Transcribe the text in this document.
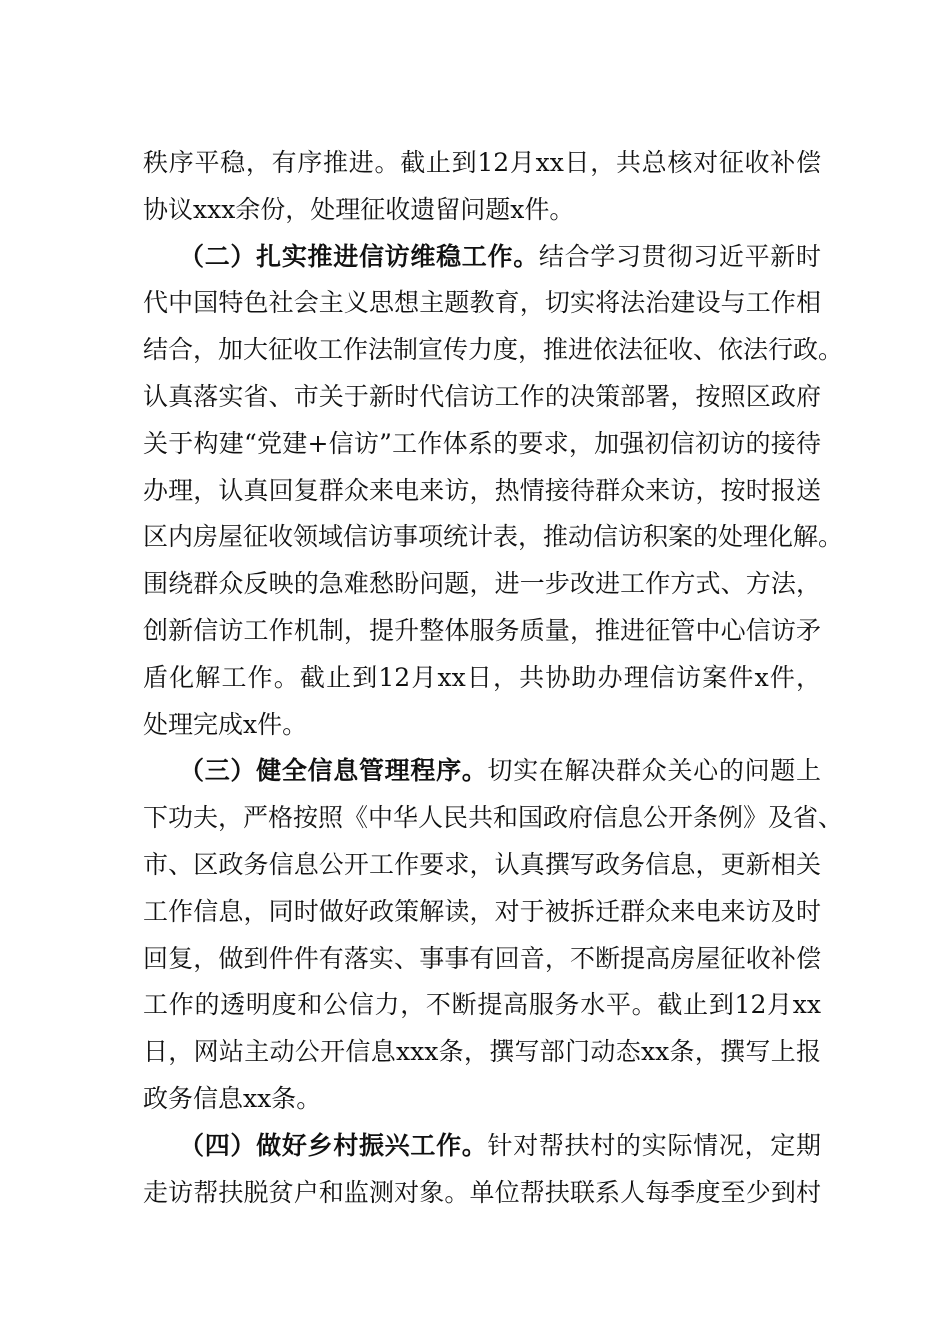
秩序平稳，有序推进。截止到12月xx日，共总核对征收补偿
协议xxx余份，处理征收遗留问题x件。
（二）扎实推进信访维稳工作。结合学习贯彻习近平新时
代中国特色社会主义思想主题教育，切实将法治建设与工作相
结合，加大征收工作法制宣传力度，推进依法征收、依法行政。
认真落实省、市关于新时代信访工作的决策部署，按照区政府
关于构建“党建+信访”工作体系的要求，加强初信初访的接待
办理，认真回复群众来电来访，热情接待群众来访，按时报送
区内房屋征收领域信访事项统计表，推动信访积案的处理化解。
围绕群众反映的急难愁盼问题，进一步改进工作方式、方法，
创新信访工作机制，提升整体服务质量，推进征管中心信访矛
盾化解工作。截止到12月xx日，共协助办理信访案件x件，
处理完成x件。
（三）健全信息管理程序。切实在解决群众关心的问题上
下功夫，严格按照《中华人民共和国政府信息公开条例》及省、
市、区政务信息公开工作要求，认真撰写政务信息，更新相关
工作信息，同时做好政策解读，对于被拆迁群众来电来访及时
回复，做到件件有落实、事事有回音，不断提高房屋征收补偿
工作的透明度和公信力，不断提高服务水平。截止到12月xx
日，网站主动公开信息xxx条，撰写部门动态xx条，撰写上报
政务信息xx条。
（四）做好乡村振兴工作。针对帮扶村的实际情况，定期
走访帮扶脱贫户和监测对象。单位帮扶联系人每季度至少到村
